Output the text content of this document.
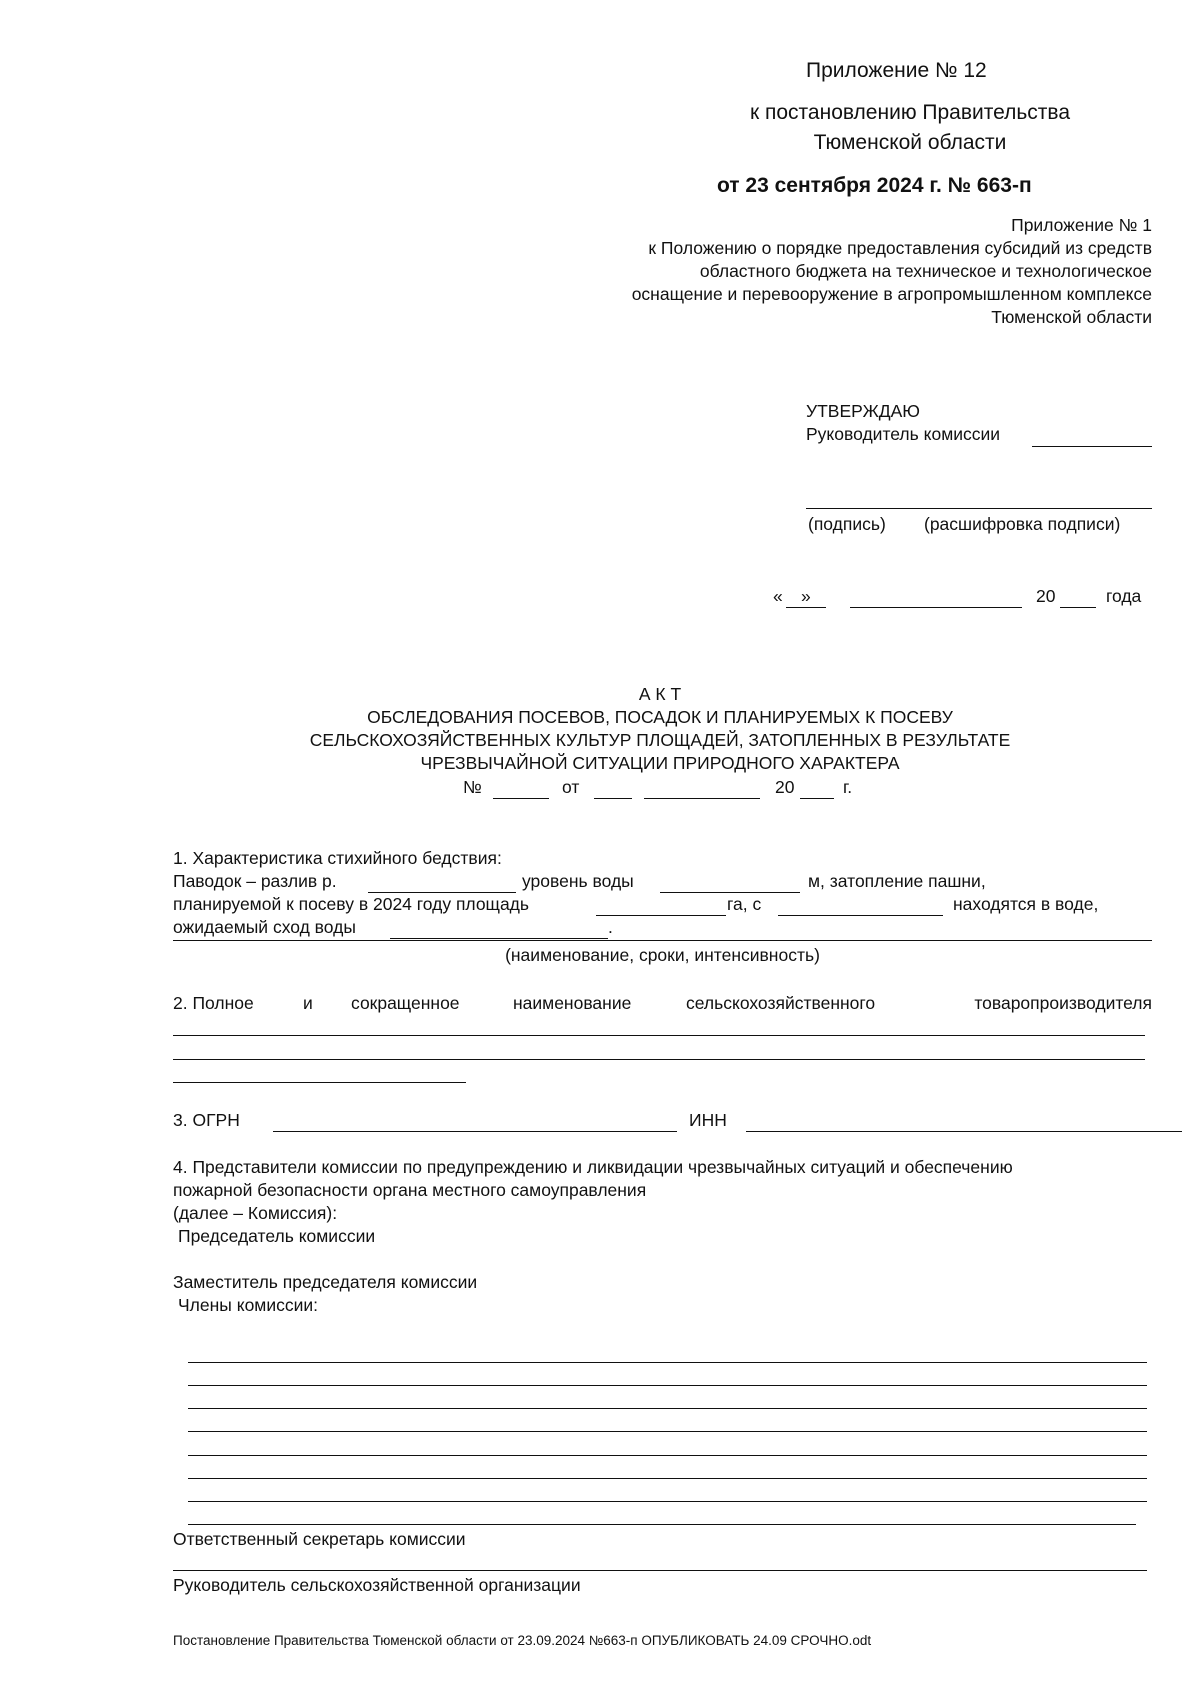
Приложение № 12
к постановлению Правительства
Тюменской области
от 23 сентября 2024 г. № 663-п
Приложение № 1
к Положению о порядке предоставления субсидий из средств
областного бюджета на техническое и технологическое
оснащение и перевооружение в агропромышленном комплексе
Тюменской области
УТВЕРЖДАЮ
Руководитель комиссии
(подпись) (расшифровка подписи)
« »	20	года
А К Т
ОБСЛЕДОВАНИЯ ПОСЕВОВ, ПОСАДОК И ПЛАНИРУЕМЫХ К ПОСЕВУ
СЕЛЬСКОХОЗЯЙСТВЕННЫХ КУЛЬТУР ПЛОЩАДЕЙ, ЗАТОПЛЕННЫХ В РЕЗУЛЬТАТЕ
ЧРЕЗВЫЧАЙНОЙ СИТУАЦИИ ПРИРОДНОГО ХАРАКТЕРА
№	от	20	г.
1. Характеристика стихийного бедствия:
Паводок – разлив р.	уровень воды	м, затопление пашни,
планируемой к посеву в 2024 году площадь	га, с	находятся в воде,
ожидаемый сход воды	.
(наименование, сроки, интенсивность)
2. Полное	и сокращенное	наименование	сельскохозяйственного	товаропроизводителя
3. ОГРН	ИНН
4. Представители комиссии по предупреждению и ликвидации чрезвычайных ситуаций и обеспечению
пожарной безопасности органа местного самоуправления
(далее – Комиссия):
Председатель комиссии
Заместитель председателя комиссии
Члены комиссии:
Ответственный секретарь комиссии
Руководитель сельскохозяйственной организации
Постановление Правительства Тюменской области от 23.09.2024 №663-п ОПУБЛИКОВАТЬ 24.09 СРОЧНО.odt
